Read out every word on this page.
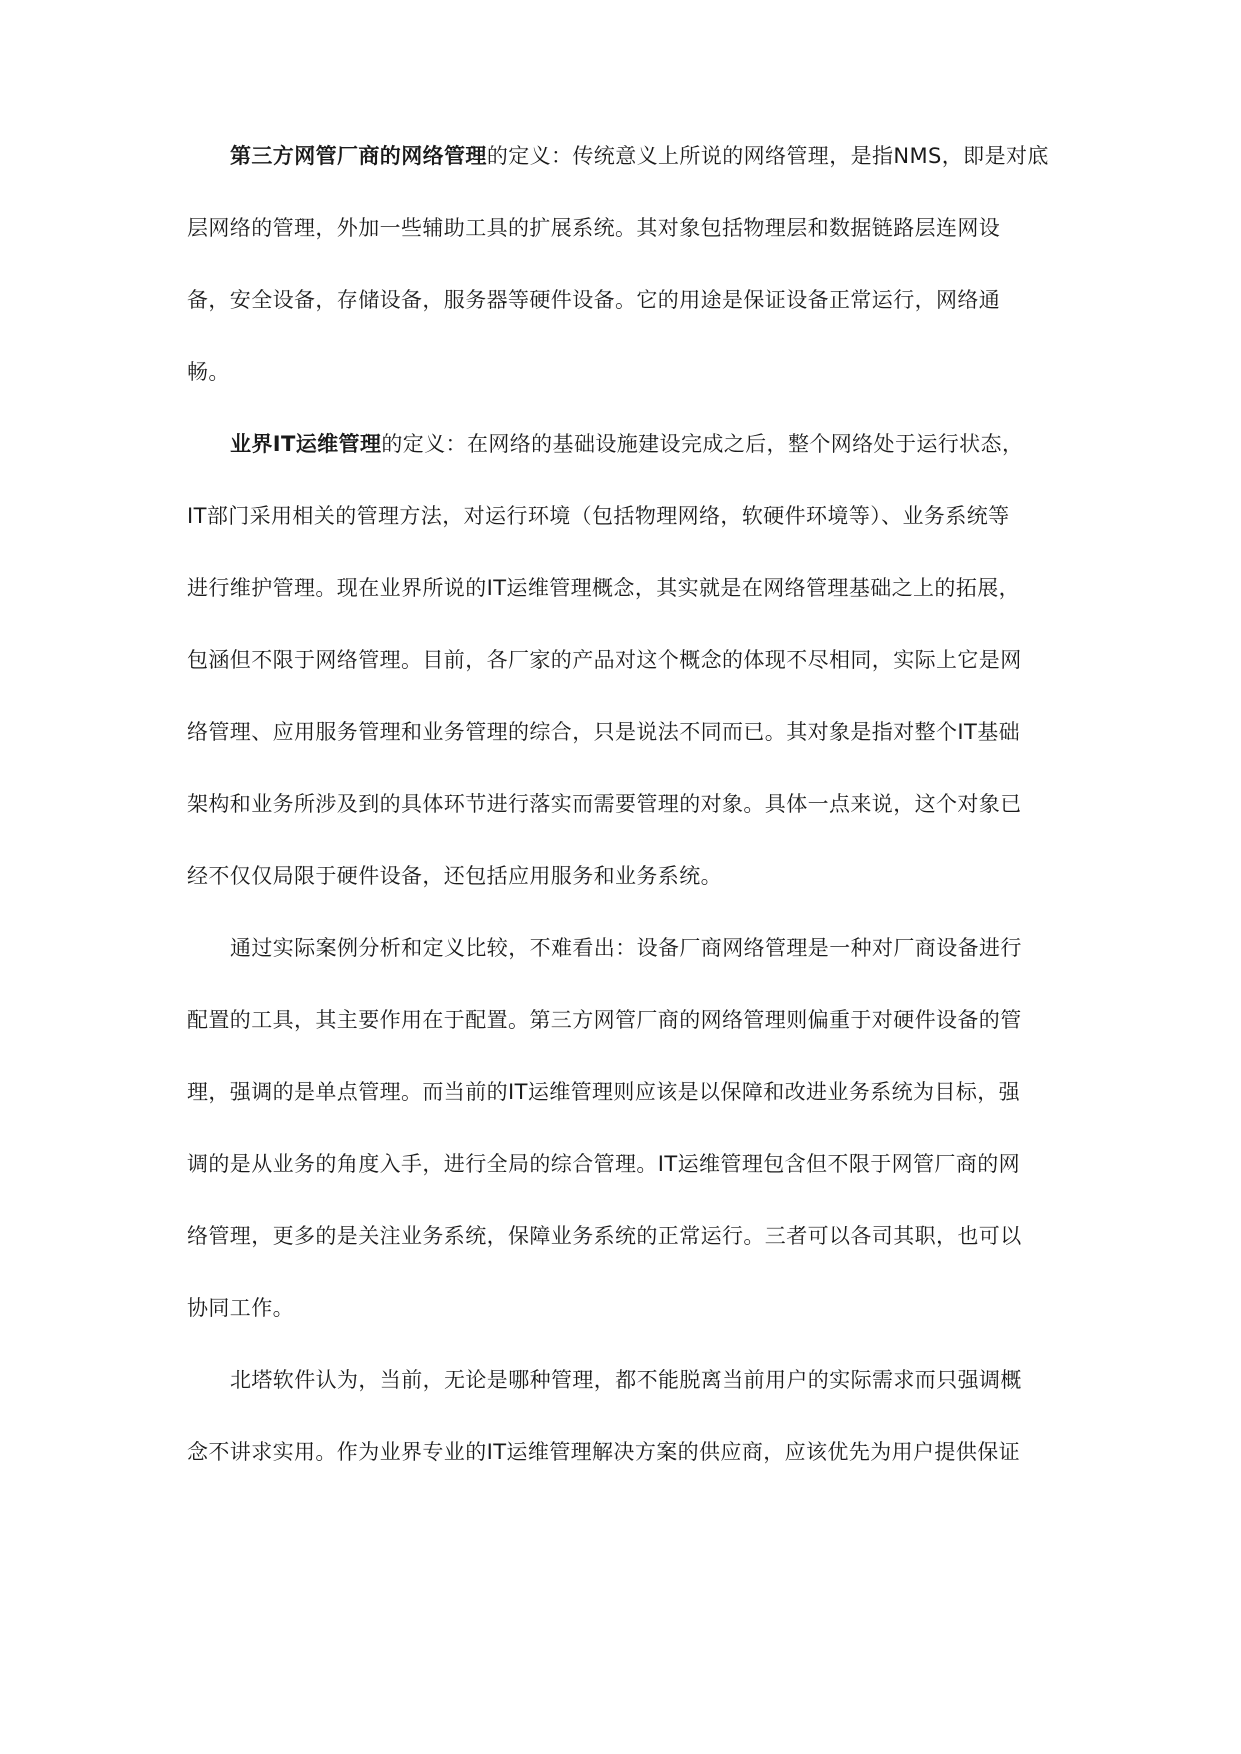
第三方网管厂商的网络管理的定义：传统意义上所说的网络管理，是指NMS，即是对底
层网络的管理，外加一些辅助工具的扩展系统。其对象包括物理层和数据链路层连网设
备，安全设备，存储设备，服务器等硬件设备。它的用途是保证设备正常运行，网络通
畅。
业界IT运维管理的定义：在网络的基础设施建设完成之后，整个网络处于运行状态，
IT部门采用相关的管理方法，对运行环境（包括物理网络，软硬件环境等）、业务系统等
进行维护管理。现在业界所说的IT运维管理概念，其实就是在网络管理基础之上的拓展，
包涵但不限于网络管理。目前，各厂家的产品对这个概念的体现不尽相同，实际上它是网
络管理、应用服务管理和业务管理的综合，只是说法不同而已。其对象是指对整个IT基础
架构和业务所涉及到的具体环节进行落实而需要管理的对象。具体一点来说，这个对象已
经不仅仅局限于硬件设备，还包括应用服务和业务系统。
通过实际案例分析和定义比较，不难看出：设备厂商网络管理是一种对厂商设备进行
配置的工具，其主要作用在于配置。第三方网管厂商的网络管理则偏重于对硬件设备的管
理，强调的是单点管理。而当前的IT运维管理则应该是以保障和改进业务系统为目标，强
调的是从业务的角度入手，进行全局的综合管理。IT运维管理包含但不限于网管厂商的网
络管理，更多的是关注业务系统，保障业务系统的正常运行。三者可以各司其职，也可以
协同工作。
北塔软件认为，当前，无论是哪种管理，都不能脱离当前用户的实际需求而只强调概
念不讲求实用。作为业界专业的IT运维管理解决方案的供应商，应该优先为用户提供保证
